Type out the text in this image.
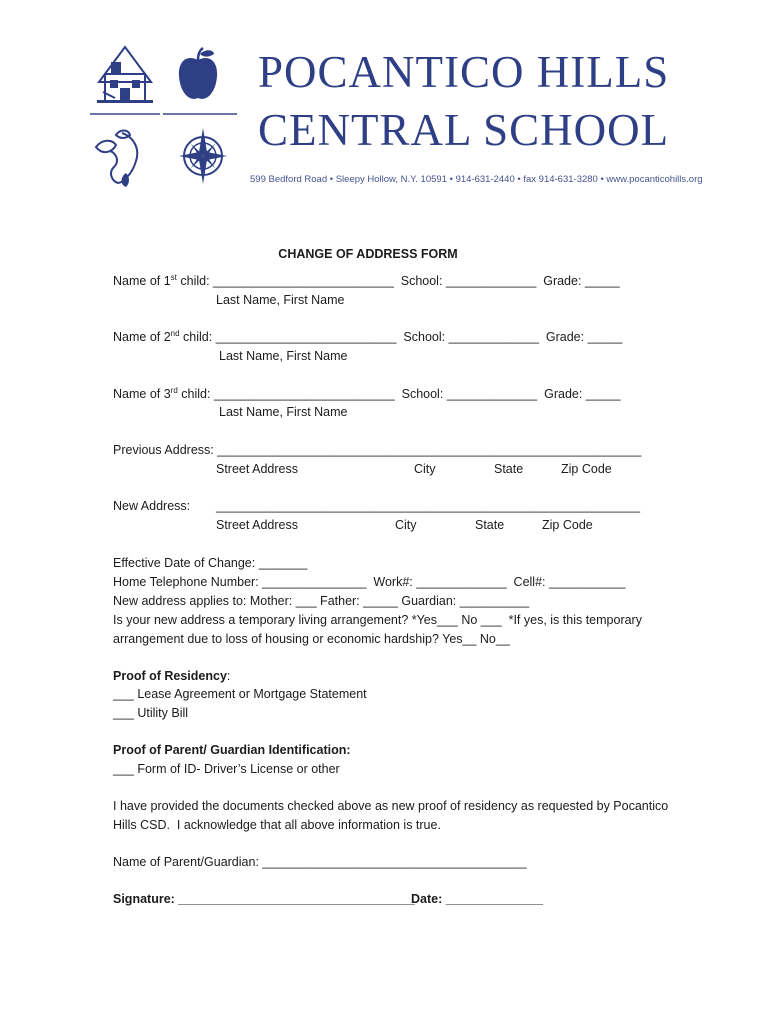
POCANTICO HILLS
CENTRAL SCHOOL
599 Bedford Road • Sleepy Hollow, N.Y. 10591 • 914-631-2440 • fax 914-631-3280 • www.pocanticohills.org
CHANGE OF ADDRESS FORM
Name of 1st child: __________________________  School: _____________  Grade: _____
Last Name, First Name
Name of 2nd child: __________________________  School: _____________  Grade: _____
Last Name, First Name
Name of 3rd child: __________________________  School: _____________  Grade: _____
Last Name, First Name
Previous Address: _____________________________________________________________
Street Address	City	State	Zip Code
New Address: _____________________________________________________________
Street Address	City	State	Zip Code
Effective Date of Change: _______
Home Telephone Number: _______________  Work#: _____________  Cell#: ___________
New address applies to: Mother: ___ Father: _____ Guardian: __________
Is your new address a temporary living arrangement? *Yes___ No ___  *If yes, is this temporary
arrangement due to loss of housing or economic hardship? Yes__ No__
Proof of Residency:
___ Lease Agreement or Mortgage Statement
___ Utility Bill
Proof of Parent/ Guardian Identification:
___ Form of ID- Driver’s License or other
I have provided the documents checked above as new proof of residency as requested by Pocantico
Hills CSD.  I acknowledge that all above information is true.
Name of Parent/Guardian: ______________________________________
Signature: __________________________________
Date: ______________
